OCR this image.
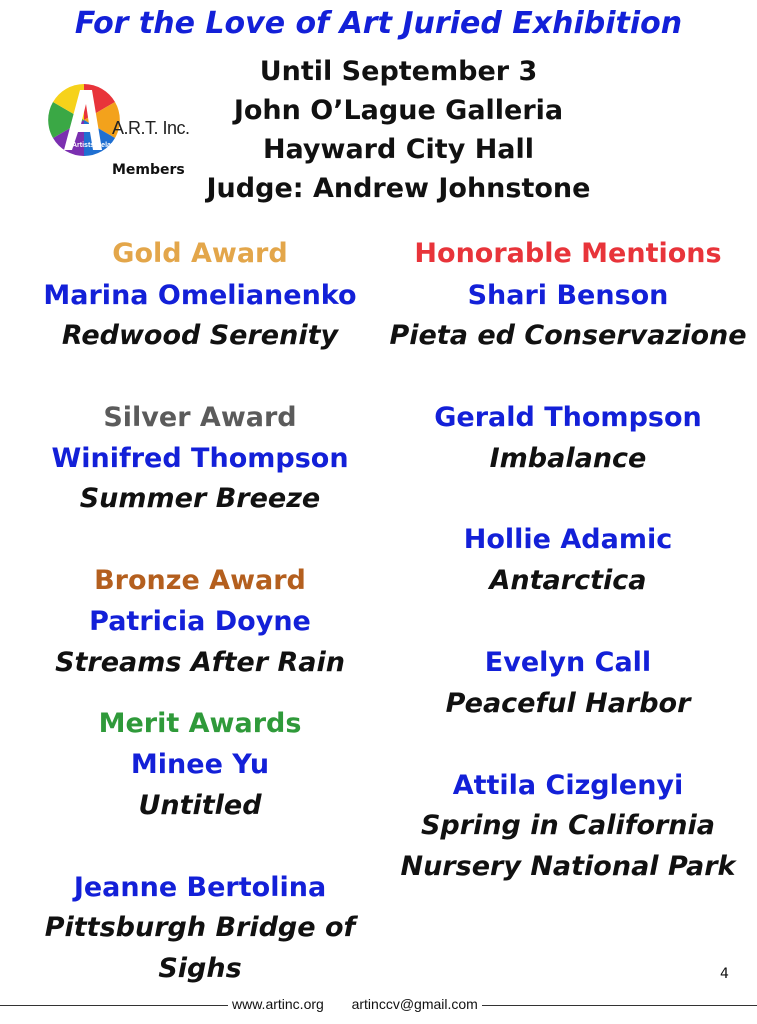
For the Love of Art Juried Exhibition
Until September 3
John O’Lague Galleria
Hayward City Hall
Judge: Andrew Johnstone
A.R.T. Inc.
Artists Relaxing Together
Members
Gold Award
Marina Omelianenko
Redwood Serenity
Silver Award
Winifred Thompson
Summer Breeze
Bronze Award
Patricia Doyne
Streams After Rain
Merit Awards
Minee Yu
Untitled
Jeanne Bertolina
Pittsburgh Bridge of
Sighs
Honorable Mentions
Shari Benson
Pieta ed Conservazione
Gerald Thompson
Imbalance
Hollie Adamic
Antarctica
Evelyn Call
Peaceful Harbor
Attila Cizglenyi
Spring in California
Nursery National Park
4
www.artinc.org artinccv@gmail.com
